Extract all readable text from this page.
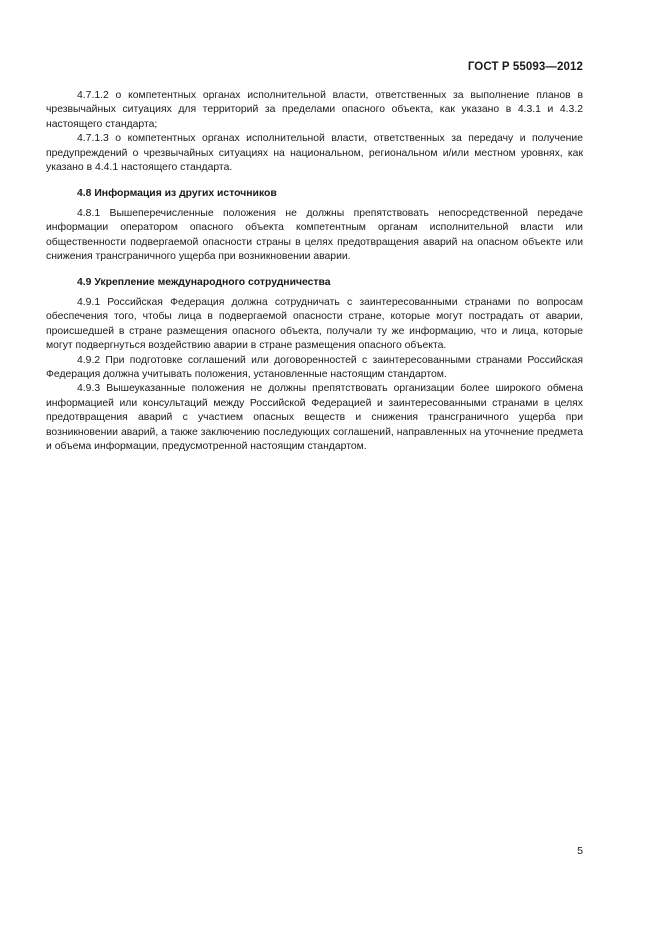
ГОСТ Р 55093—2012

4.7.1.2 о компетентных органах исполнительной власти, ответственных за выполнение планов в чрезвычайных ситуациях для территорий за пределами опасного объекта, как указано в 4.3.1 и 4.3.2 настоящего стандарта;

4.7.1.3 о компетентных органах исполнительной власти, ответственных за передачу и получение предупреждений о чрезвычайных ситуациях на национальном, региональном и/или местном уровнях, как указано в 4.4.1 настоящего стандарта.

4.8 Информация из других источников

4.8.1 Вышеперечисленные положения не должны препятствовать непосредственной передаче информации оператором опасного объекта компетентным органам исполнительной власти или общественности подвергаемой опасности страны в целях предотвращения аварий на опасном объекте или снижения трансграничного ущерба при возникновении аварии.

4.9 Укрепление международного сотрудничества

4.9.1 Российская Федерация должна сотрудничать с заинтересованными странами по вопросам обеспечения того, чтобы лица в подвергаемой опасности стране, которые могут пострадать от аварии, происшедшей в стране размещения опасного объекта, получали ту же информацию, что и лица, которые могут подвергнуться воздействию аварии в стране размещения опасного объекта.

4.9.2 При подготовке соглашений или договоренностей с заинтересованными странами Российская Федерация должна учитывать положения, установленные настоящим стандартом.

4.9.3 Вышеуказанные положения не должны препятствовать организации более широкого обмена информацией или консультаций между Российской Федерацией и заинтересованными странами в целях предотвращения аварий с участием опасных веществ и снижения трансграничного ущерба при возникновении аварий, а также заключению последующих соглашений, направленных на уточнение предмета и объема информации, предусмотренной настоящим стандартом.

5
